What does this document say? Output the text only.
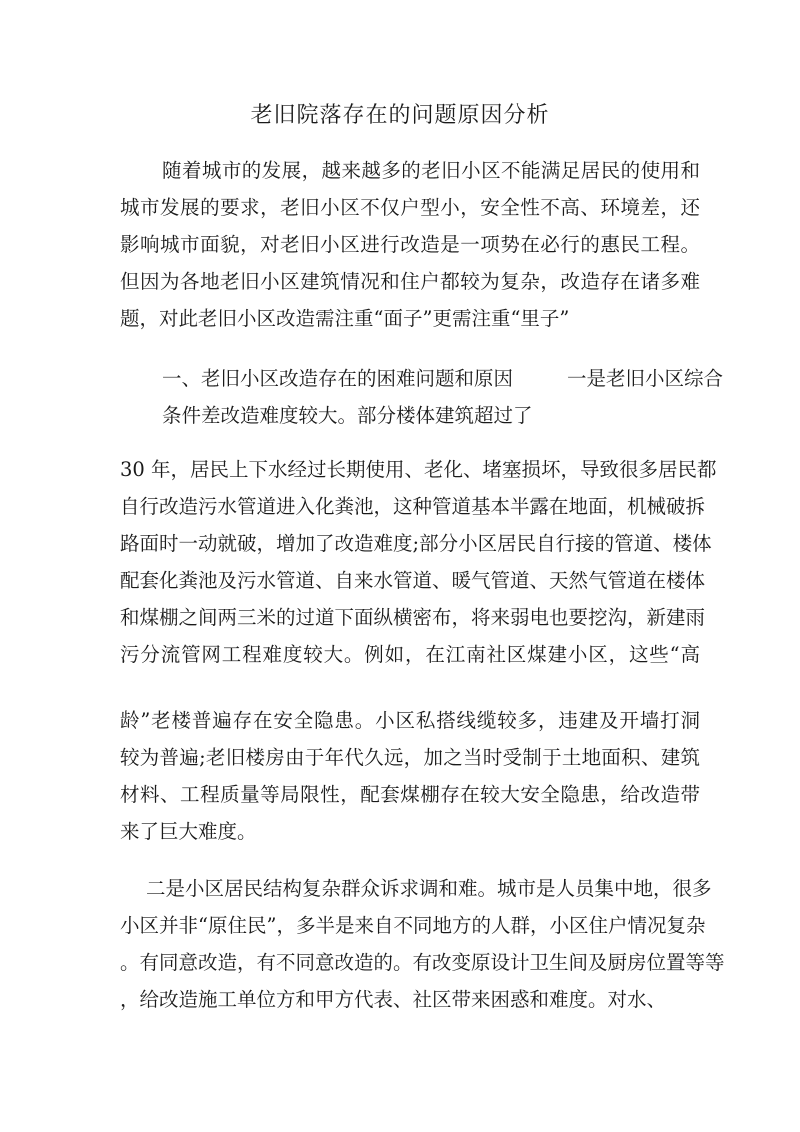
老旧院落存在的问题原因分析
随着城市的发展，越来越多的老旧小区不能满足居民的使用和
城市发展的要求，老旧小区不仅户型小，安全性不高、环境差，还
影响城市面貌，对老旧小区进行改造是一项势在必行的惠民工程。
但因为各地老旧小区建筑情况和住户都较为复杂，改造存在诸多难
题，对此老旧小区改造需注重“面子”更需注重“里子”
一、老旧小区改造存在的困难问题和原因	一是老旧小区综合
条件差改造难度较大。部分楼体建筑超过了
30 年，居民上下水经过长期使用、老化、堵塞损坏，导致很多居民都
自行改造污水管道进入化粪池，这种管道基本半露在地面，机械破拆
路面时一动就破，增加了改造难度;部分小区居民自行接的管道、楼体
配套化粪池及污水管道、自来水管道、暖气管道、天然气管道在楼体
和煤棚之间两三米的过道下面纵横密布，将来弱电也要挖沟，新建雨
污分流管网工程难度较大。例如，在江南社区煤建小区，这些“高
龄”老楼普遍存在安全隐患。小区私搭线缆较多，违建及开墙打洞
较为普遍;老旧楼房由于年代久远，加之当时受制于土地面积、建筑
材料、工程质量等局限性，配套煤棚存在较大安全隐患，给改造带
来了巨大难度。
二是小区居民结构复杂群众诉求调和难。城市是人员集中地，很多
小区并非“原住民”，多半是来自不同地方的人群，小区住户情况复杂
。有同意改造，有不同意改造的。有改变原设计卫生间及厨房位置等等
，给改造施工单位方和甲方代表、社区带来困惑和难度。对水、
